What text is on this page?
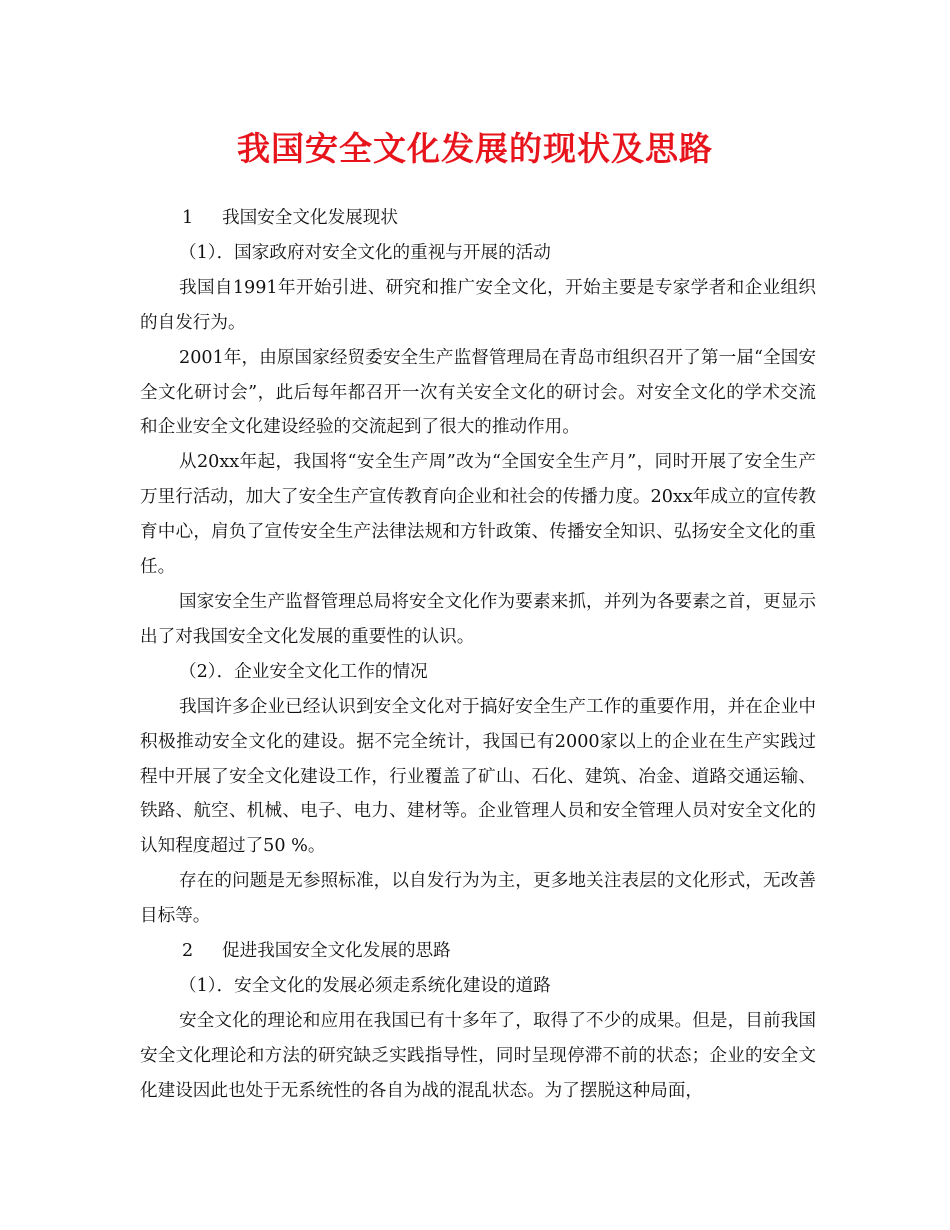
我国安全文化发展的现状及思路

1 我国安全文化发展现状

（1）．国家政府对安全文化的重视与开展的活动

我国自1991年开始引进、研究和推广安全文化，开始主要是专家学者和企业组织的自发行为。

2001年，由原国家经贸委安全生产监督管理局在青岛市组织召开了第一届“全国安全文化研讨会”，此后每年都召开一次有关安全文化的研讨会。对安全文化的学术交流和企业安全文化建设经验的交流起到了很大的推动作用。

从20xx年起，我国将“安全生产周”改为“全国安全生产月”，同时开展了安全生产万里行活动，加大了安全生产宣传教育向企业和社会的传播力度。20xx年成立的宣传教育中心，肩负了宣传安全生产法律法规和方针政策、传播安全知识、弘扬安全文化的重任。

国家安全生产监督管理总局将安全文化作为要素来抓，并列为各要素之首，更显示出了对我国安全文化发展的重要性的认识。

（2）．企业安全文化工作的情况

我国许多企业已经认识到安全文化对于搞好安全生产工作的重要作用，并在企业中积极推动安全文化的建设。据不完全统计，我国已有2000家以上的企业在生产实践过程中开展了安全文化建设工作，行业覆盖了矿山、石化、建筑、冶金、道路交通运输、铁路、航空、机械、电子、电力、建材等。企业管理人员和安全管理人员对安全文化的认知程度超过了50 %。

存在的问题是无参照标准，以自发行为为主，更多地关注表层的文化形式，无改善目标等。

2 促进我国安全文化发展的思路

（1）．安全文化的发展必须走系统化建设的道路

安全文化的理论和应用在我国已有十多年了，取得了不少的成果。但是，目前我国安全文化理论和方法的研究缺乏实践指导性，同时呈现停滞不前的状态；企业的安全文化建设因此也处于无系统性的各自为战的混乱状态。为了摆脱这种局面，
